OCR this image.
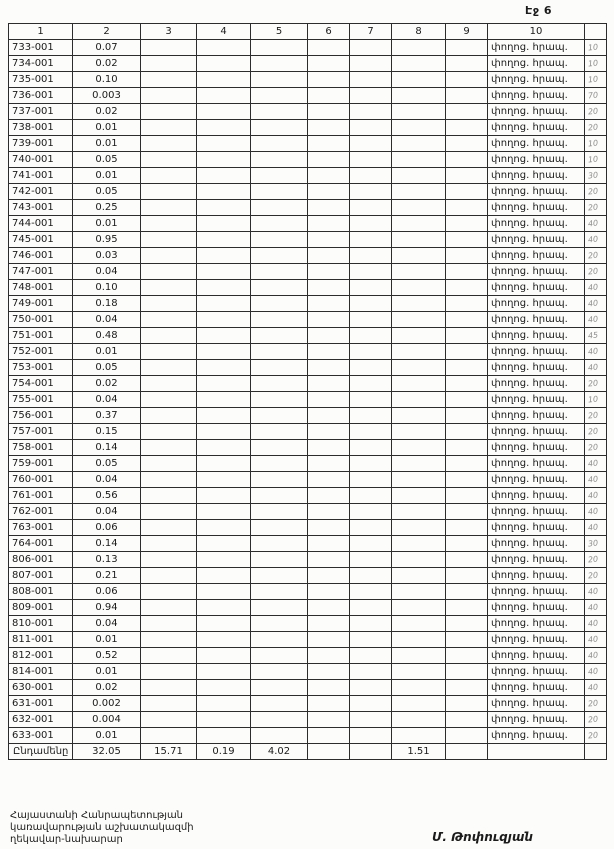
Էջ 6
1	2	3	4	5	6	7	8	9	10	
733-001	0.07								փողոց. հրապ.	10
734-001	0.02								փողոց. հրապ.	10
735-001	0.10								փողոց. հրապ.	10
736-001	0.003								փողոց. հրապ.	70
737-001	0.02								փողոց. հրապ.	20
738-001	0.01								փողոց. հրապ.	20
739-001	0.01								փողոց. հրապ.	10
740-001	0.05								փողոց. հրապ.	10
741-001	0.01								փողոց. հրապ.	30
742-001	0.05								փողոց. հրապ.	20
743-001	0.25								փողոց. հրապ.	20
744-001	0.01								փողոց. հրապ.	40
745-001	0.95								փողոց. հրապ.	40
746-001	0.03								փողոց. հրապ.	20
747-001	0.04								փողոց. հրապ.	20
748-001	0.10								փողոց. հրապ.	40
749-001	0.18								փողոց. հրապ.	40
750-001	0.04								փողոց. հրապ.	40
751-001	0.48								փողոց. հրապ.	45
752-001	0.01								փողոց. հրապ.	40
753-001	0.05								փողոց. հրապ.	40
754-001	0.02								փողոց. հրապ.	20
755-001	0.04								փողոց. հրապ.	10
756-001	0.37								փողոց. հրապ.	20
757-001	0.15								փողոց. հրապ.	20
758-001	0.14								փողոց. հրապ.	20
759-001	0.05								փողոց. հրապ.	40
760-001	0.04								փողոց. հրապ.	40
761-001	0.56								փողոց. հրապ.	40
762-001	0.04								փողոց. հրապ.	40
763-001	0.06								փողոց. հրապ.	40
764-001	0.14								փողոց. հրապ.	30
806-001	0.13								փողոց. հրապ.	20
807-001	0.21								փողոց. հրապ.	20
808-001	0.06								փողոց. հրապ.	40
809-001	0.94								փողոց. հրապ.	40
810-001	0.04								փողոց. հրապ.	40
811-001	0.01								փողոց. հրապ.	40
812-001	0.52								փողոց. հրապ.	40
814-001	0.01								փողոց. հրապ.	40
630-001	0.02								փողոց. հրապ.	40
631-001	0.002								փողոց. հրապ.	20
632-001	0.004								փողոց. հրապ.	20
633-001	0.01								փողոց. հրապ.	20
Ընդամենը	32.05	15.71	0.19	4.02			1.51			
Հայաստանի Հանրապետության
կառավարության աշխատակազմի
ղեկավար-նախարար	Մ. Թոփուզյան
